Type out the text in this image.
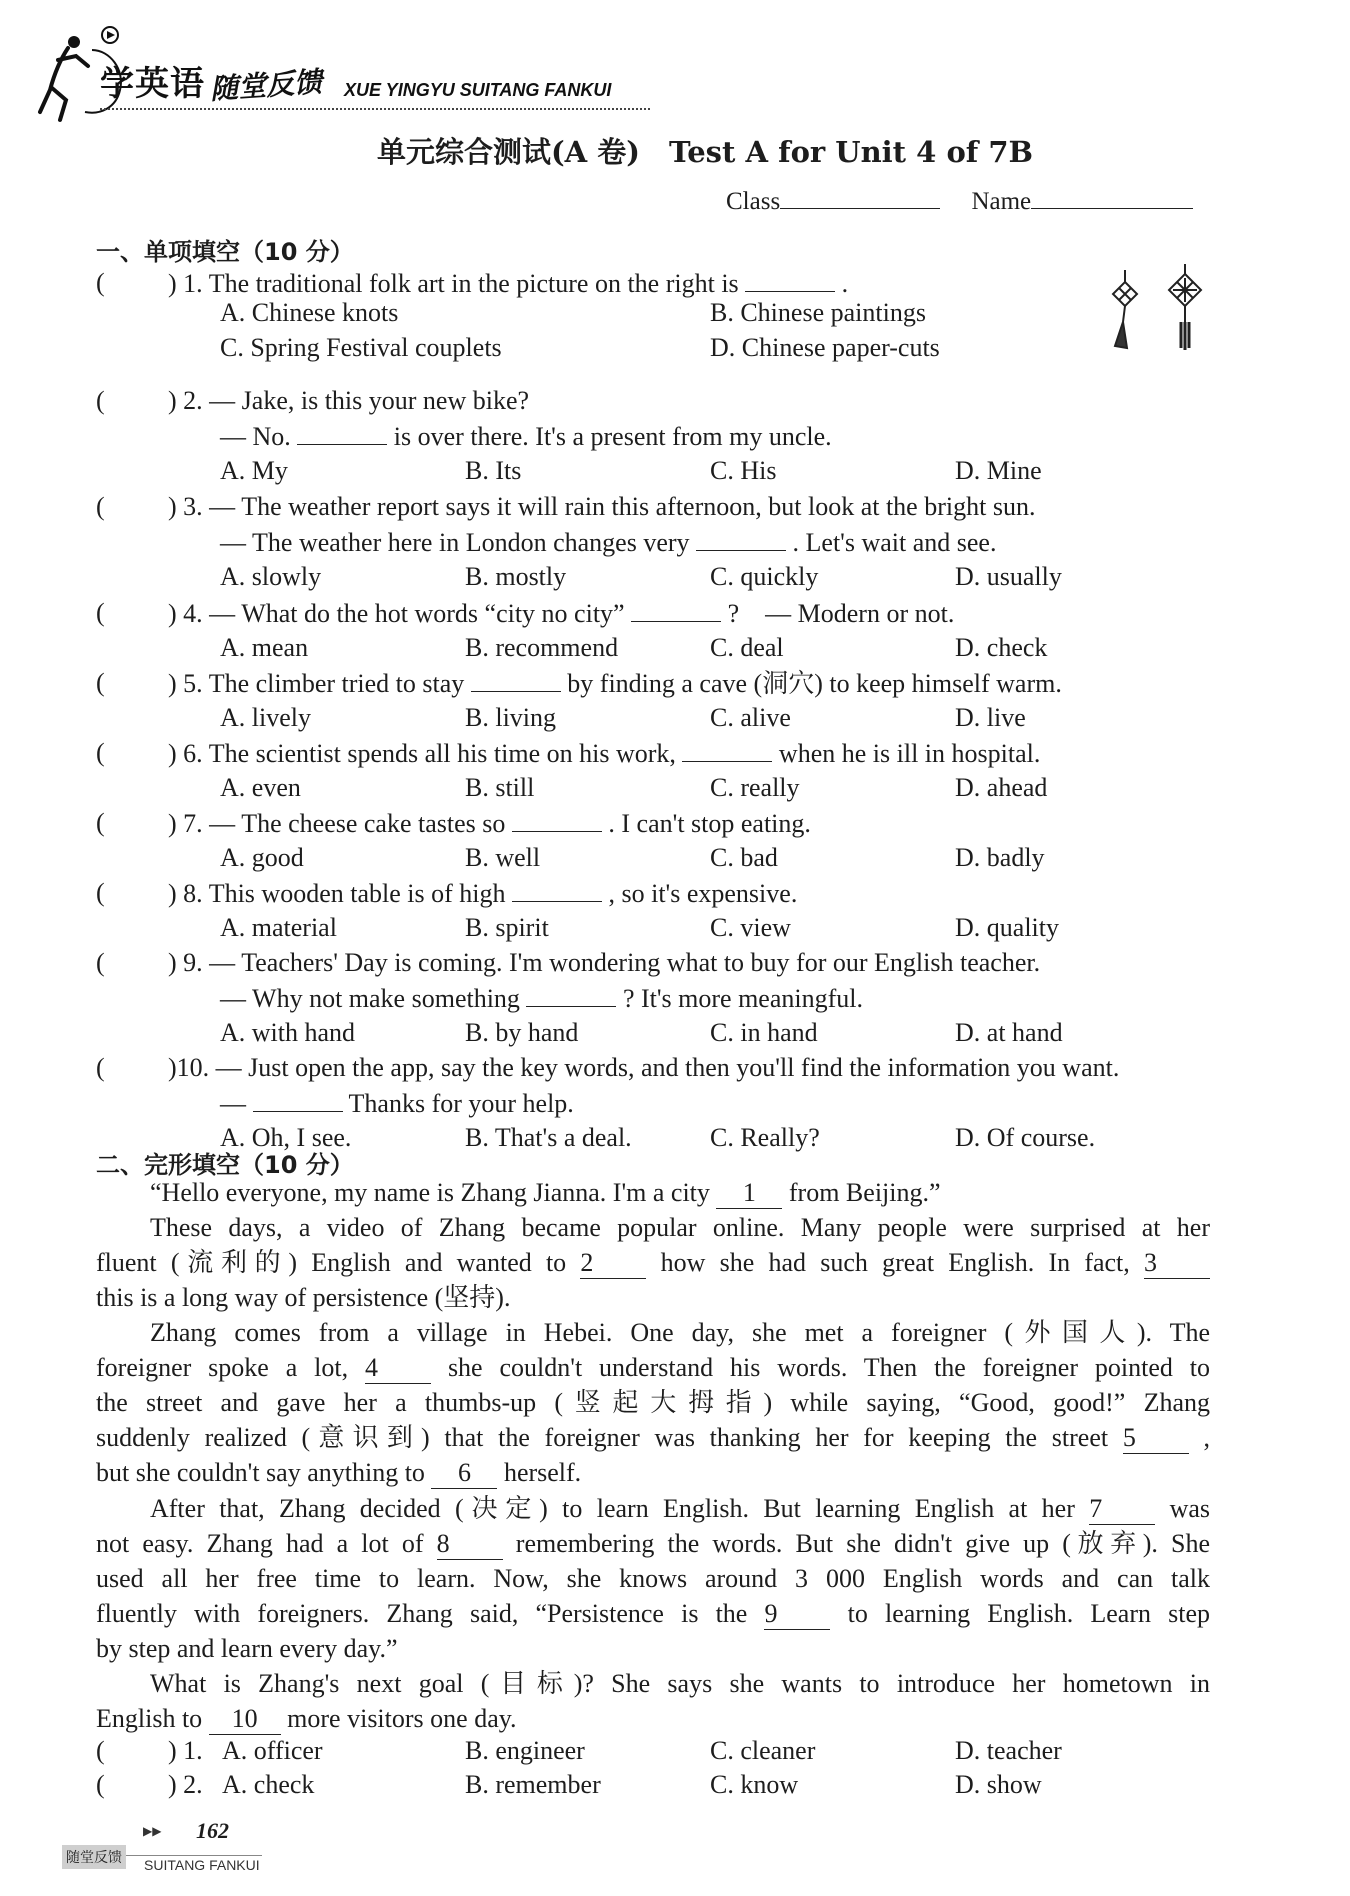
学英语 随堂反馈 XUE YINGYU SUITANG FANKUI
单元综合测试(A 卷)　Test A for Unit 4 of 7B
Class	Name
一、单项填空（10 分）
( ) 1. The traditional folk art in the picture on the right is	.
A. Chinese knots	B. Chinese paintings
C. Spring Festival couplets	D. Chinese paper-cuts
( ) 2. — Jake, is this your new bike?
— No.	is over there. It's a present from my uncle.
A. My	B. Its	C. His	D. Mine
( ) 3. — The weather report says it will rain this afternoon, but look at the bright sun.
— The weather here in London changes very	. Let's wait and see.
A. slowly	B. mostly	C. quickly	D. usually
( ) 4. — What do the hot words “city no city”	?　— Modern or not.
A. mean	B. recommend	C. deal	D. check
( ) 5. The climber tried to stay	by finding a cave (洞穴) to keep himself warm.
A. lively	B. living	C. alive	D. live
( ) 6. The scientist spends all his time on his work,	when he is ill in hospital.
A. even	B. still	C. really	D. ahead
( ) 7. — The cheese cake tastes so	. I can't stop eating.
A. good	B. well	C. bad	D. badly
( ) 8. This wooden table is of high	, so it's expensive.
A. material	B. spirit	C. view	D. quality
( ) 9. — Teachers' Day is coming. I'm wondering what to buy for our English teacher.
— Why not make something	? It's more meaningful.
A. with hand	B. by hand	C. in hand	D. at hand
( )10. — Just open the app, say the key words, and then you'll find the information you want.
—	Thanks for your help.
A. Oh, I see.	B. That's a deal.	C. Really?	D. Of course.
二、完形填空（10 分）
“Hello everyone, my name is Zhang Jianna. I'm a city 1 from Beijing.”
These days, a video of Zhang became popular online. Many people were surprised at her
fluent (流利的) English and wanted to 2	how she had such great English. In fact, 3
this is a long way of persistence (坚持).
Zhang comes from a village in Hebei. One day, she met a foreigner (外国人). The
foreigner spoke a lot, 4	she couldn't understand his words. Then the foreigner pointed to
the street and gave her a thumbs-up (竖起大拇指) while saying, “Good, good!” Zhang
suddenly realized (意识到) that the foreigner was thanking her for keeping the street 5	,
but she couldn't say anything to 6 herself.
After that, Zhang decided (决定) to learn English. But learning English at her 7	was
not easy. Zhang had a lot of 8	remembering the words. But she didn't give up (放弃). She
used all her free time to learn. Now, she knows around 3 000 English words and can talk
fluently with foreigners. Zhang said, “Persistence is the 9	to learning English. Learn step
by step and learn every day.”
What is Zhang's next goal (目标)? She says she wants to introduce her hometown in
English to 10 more visitors one day.
( ) 1. A. officer	B. engineer	C. cleaner	D. teacher
( ) 2. A. check	B. remember	C. know	D. show
▶▶ 162
随堂反馈 SUITANG FANKUI
